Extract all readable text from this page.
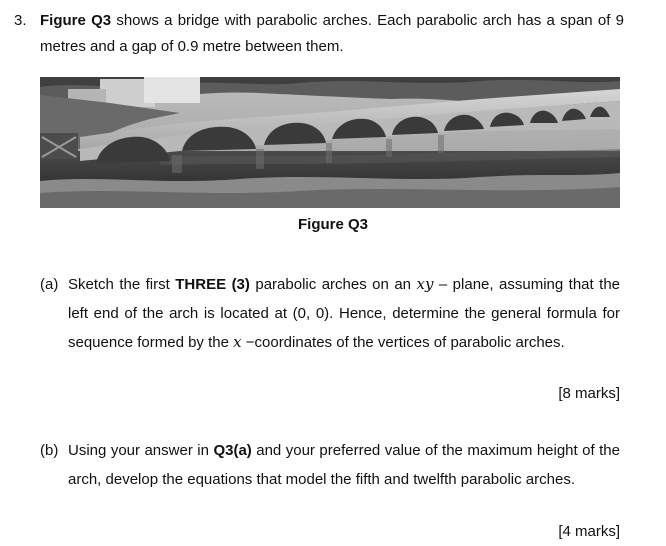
3. Figure Q3 shows a bridge with parabolic arches. Each parabolic arch has a span of 9 metres and a gap of 0.9 metre between them.
Figure Q3
(a) Sketch the first THREE (3) parabolic arches on an xy – plane, assuming that the left end of the arch is located at (0, 0). Hence, determine the general formula for sequence formed by the x −coordinates of the vertices of parabolic arches.
[8 marks]
(b) Using your answer in Q3(a) and your preferred value of the maximum height of the arch, develop the equations that model the fifth and twelfth parabolic arches.
[4 marks]
